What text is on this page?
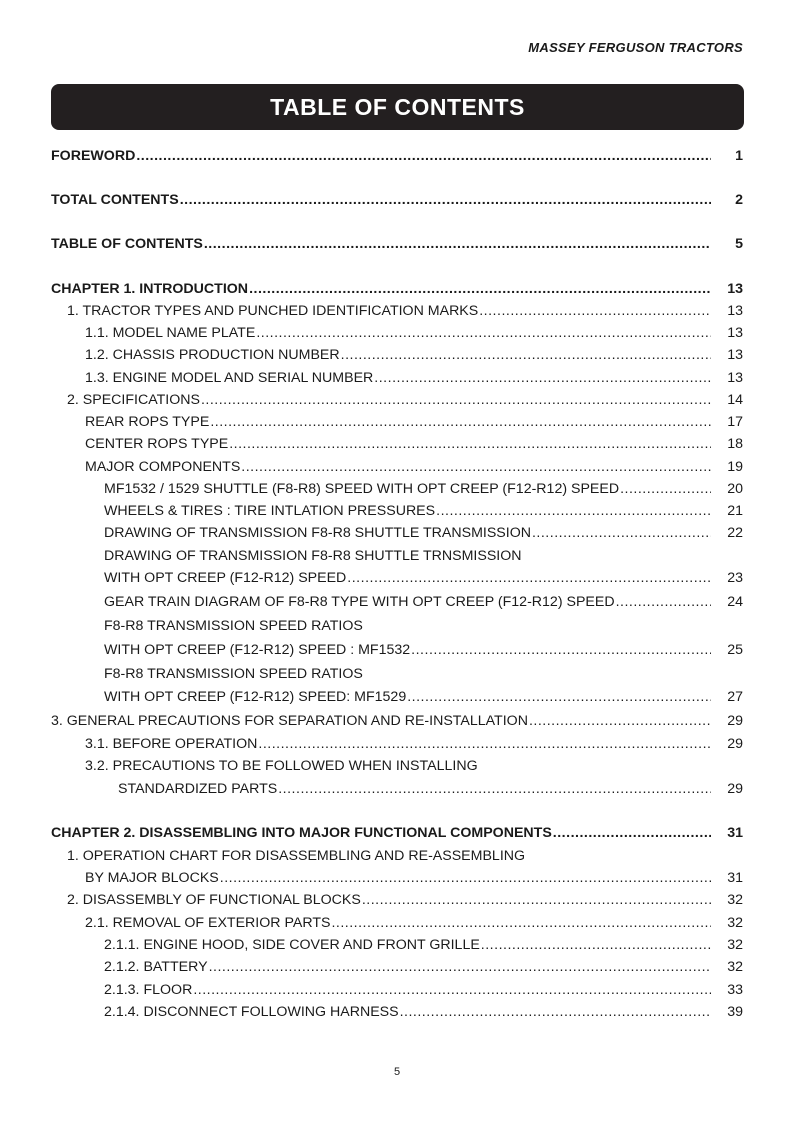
MASSEY FERGUSON TRACTORS
TABLE OF CONTENTS
FOREWORD .....	1
TOTAL CONTENTS .....	2
TABLE OF CONTENTS .....	5
CHAPTER 1. INTRODUCTION .....	13
1. TRACTOR TYPES AND PUNCHED IDENTIFICATION MARKS .....	13
1.1. MODEL NAME PLATE .....	13
1.2. CHASSIS PRODUCTION NUMBER .....	13
1.3. ENGINE MODEL AND SERIAL NUMBER .....	13
2. SPECIFICATIONS .....	14
REAR ROPS TYPE .....	17
CENTER ROPS TYPE .....	18
MAJOR COMPONENTS .....	19
MF1532 / 1529 SHUTTLE (F8-R8) SPEED WITH OPT CREEP (F12-R12) SPEED .....	20
WHEELS & TIRES : TIRE INTLATION PRESSURES .....	21
DRAWING OF TRANSMISSION F8-R8 SHUTTLE TRANSMISSION .....	22
DRAWING OF TRANSMISSION F8-R8 SHUTTLE TRNSMISSION
WITH OPT CREEP (F12-R12) SPEED .....	23
GEAR TRAIN DIAGRAM OF F8-R8 TYPE WITH OPT CREEP (F12-R12) SPEED .....	24
F8-R8 TRANSMISSION SPEED RATIOS
WITH OPT CREEP (F12-R12) SPEED : MF1532 .....	25
F8-R8 TRANSMISSION SPEED RATIOS
WITH OPT CREEP (F12-R12) SPEED: MF1529 .....	27
3. GENERAL PRECAUTIONS FOR SEPARATION AND RE-INSTALLATION .....	29
3.1. BEFORE OPERATION .....	29
3.2. PRECAUTIONS TO BE FOLLOWED WHEN INSTALLING
STANDARDIZED PARTS .....	29
CHAPTER 2. DISASSEMBLING INTO MAJOR FUNCTIONAL COMPONENTS .....	31
1. OPERATION CHART FOR DISASSEMBLING AND RE-ASSEMBLING
BY MAJOR BLOCKS .....	31
2. DISASSEMBLY OF FUNCTIONAL BLOCKS .....	32
2.1. REMOVAL OF EXTERIOR PARTS .....	32
2.1.1. ENGINE HOOD, SIDE COVER AND FRONT GRILLE .....	32
2.1.2. BATTERY .....	32
2.1.3. FLOOR .....	33
2.1.4. DISCONNECT FOLLOWING HARNESS .....	39
5
